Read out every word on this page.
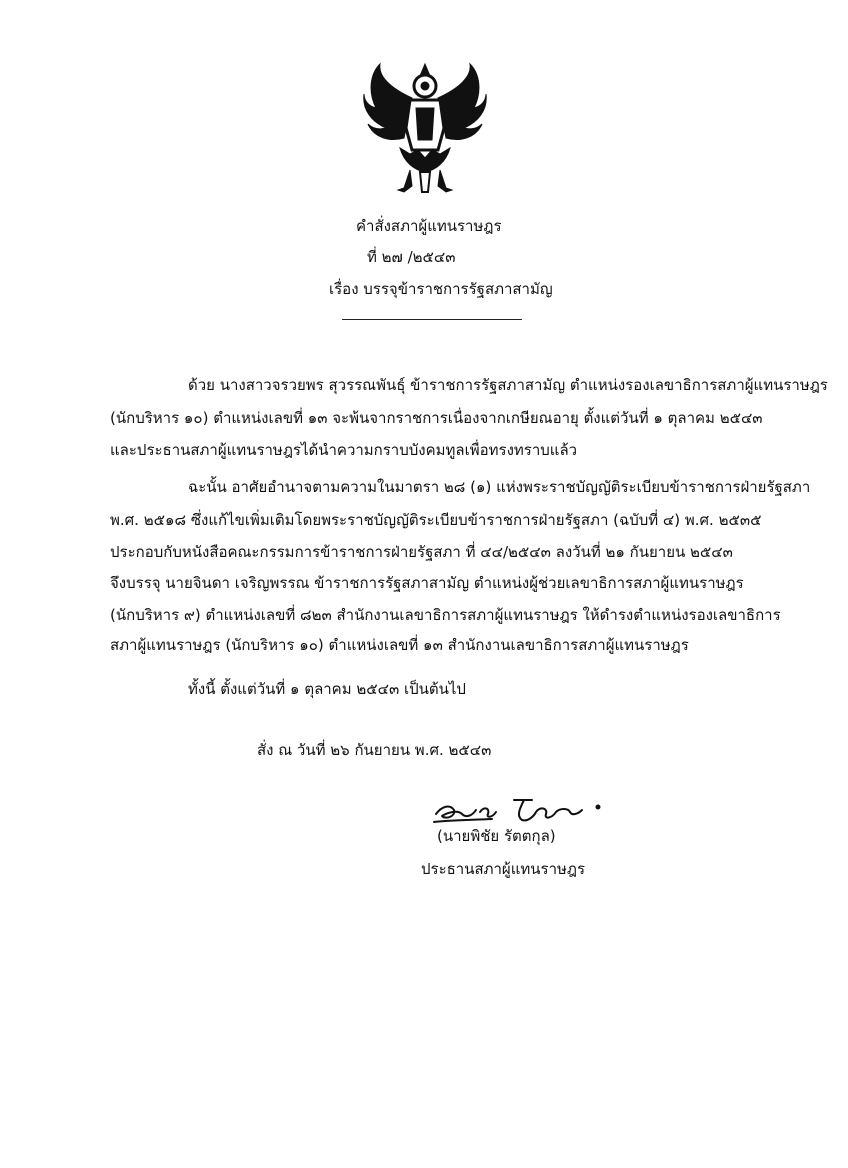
คำสั่งสภาผู้แทนราษฎร
ที่ ๒๗ /๒๕๔๓
เรื่อง บรรจุข้าราชการรัฐสภาสามัญ
ด้วย นางสาวจรวยพร สุวรรณพันธุ์ ข้าราชการรัฐสภาสามัญ ตำแหน่งรองเลขาธิการสภาผู้แทนราษฎร
(นักบริหาร ๑๐) ตำแหน่งเลขที่ ๑๓ จะพ้นจากราชการเนื่องจากเกษียณอายุ ตั้งแต่วันที่ ๑ ตุลาคม ๒๕๔๓
และประธานสภาผู้แทนราษฎรได้นำความกราบบังคมทูลเพื่อทรงทราบแล้ว
ฉะนั้น อาศัยอำนาจตามความในมาตรา ๒๘ (๑) แห่งพระราชบัญญัติระเบียบข้าราชการฝ่ายรัฐสภา
พ.ศ. ๒๕๑๘ ซึ่งแก้ไขเพิ่มเติมโดยพระราชบัญญัติระเบียบข้าราชการฝ่ายรัฐสภา (ฉบับที่ ๔) พ.ศ. ๒๕๓๕
ประกอบกับหนังสือคณะกรรมการข้าราชการฝ่ายรัฐสภา ที่ ๔๔/๒๕๔๓ ลงวันที่ ๒๑ กันยายน ๒๕๔๓
จึงบรรจุ นายจินดา เจริญพรรณ ข้าราชการรัฐสภาสามัญ ตำแหน่งผู้ช่วยเลขาธิการสภาผู้แทนราษฎร
(นักบริหาร ๙) ตำแหน่งเลขที่ ๘๒๓ สำนักงานเลขาธิการสภาผู้แทนราษฎร ให้ดำรงตำแหน่งรองเลขาธิการ
สภาผู้แทนราษฎร (นักบริหาร ๑๐) ตำแหน่งเลขที่ ๑๓ สำนักงานเลขาธิการสภาผู้แทนราษฎร
ทั้งนี้ ตั้งแต่วันที่ ๑ ตุลาคม ๒๕๔๓ เป็นต้นไป
สั่ง ณ วันที่ ๒๖ กันยายน พ.ศ. ๒๕๔๓
(นายพิชัย รัตตกุล)
ประธานสภาผู้แทนราษฎร
